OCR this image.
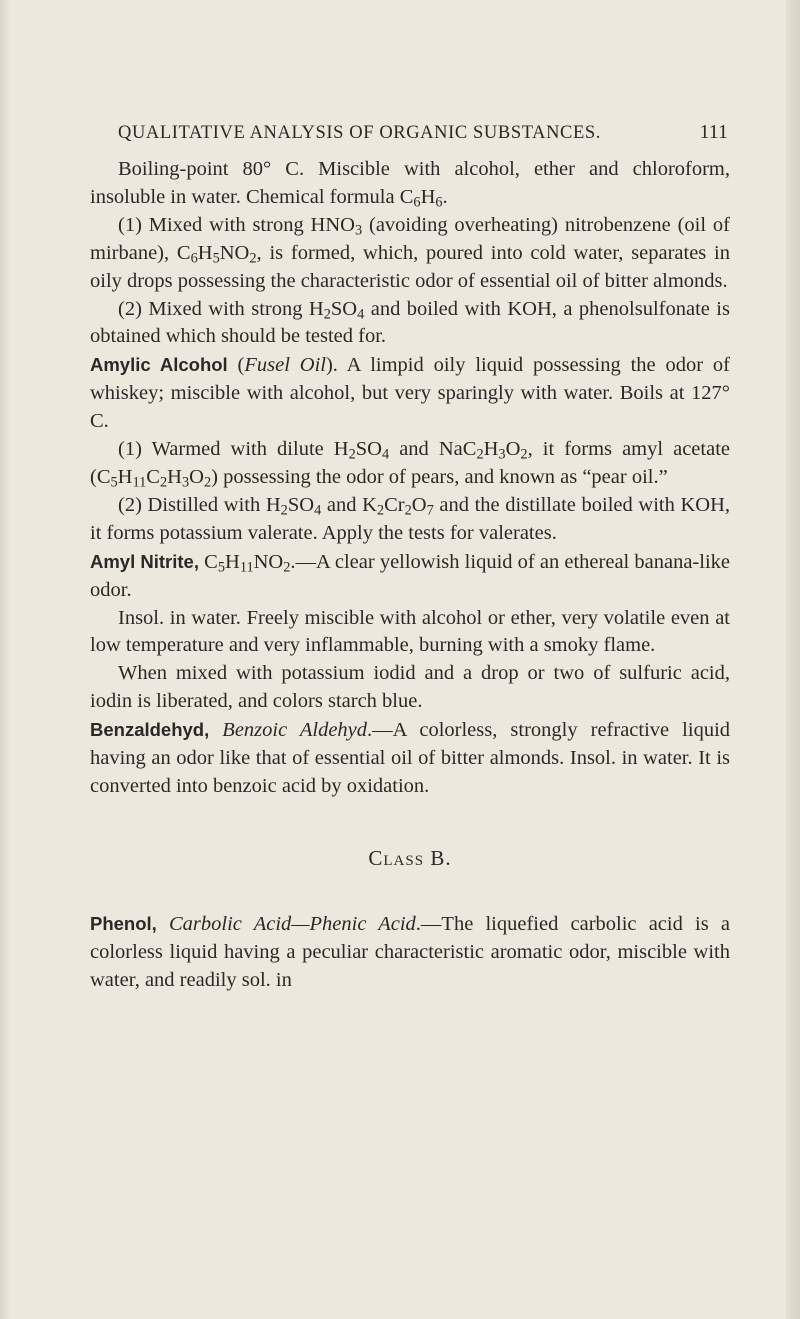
QUALITATIVE ANALYSIS OF ORGANIC SUBSTANCES.	111

Boiling-point 80° C. Miscible with alcohol, ether and chloroform, insoluble in water. Chemical formula $C_6H_6$.

(1) Mixed with strong $HNO_3$ (avoiding overheating) nitrobenzene (oil of mirbane), $C_6H_5NO_2$, is formed, which, poured into cold water, separates in oily drops possessing the characteristic odor of essential oil of bitter almonds.

(2) Mixed with strong $H_2SO_4$ and boiled with KOH, a phenolsulfonate is obtained which should be tested for.

Amylic Alcohol (Fusel Oil). A limpid oily liquid possessing the odor of whiskey; miscible with alcohol, but very sparingly with water. Boils at 127° C.

(1) Warmed with dilute $H_2SO_4$ and $NaC_2H_3O_2$, it forms amyl acetate $(C_5H_{11}C_2H_3O_2)$ possessing the odor of pears, and known as “pear oil.”

(2) Distilled with $H_2SO_4$ and $K_2Cr_2O_7$ and the distillate boiled with KOH, it forms potassium valerate. Apply the tests for valerates.

Amyl Nitrite, $C_5H_{11}NO_2.—A$ clear yellowish liquid of an ethereal banana-like odor.

Insol. in water. Freely miscible with alcohol or ether, very volatile even at low temperature and very inflammable, burning with a smoky flame.

When mixed with potassium iodid and a drop or two of sulfuric acid, iodin is liberated, and colors starch blue.

Benzaldehyd, Benzoic Aldehyd.—A colorless, strongly refractive liquid having an odor like that of essential oil of bitter almonds. Insol. in water. It is converted into benzoic acid by oxidation.

Class B.

Phenol, Carbolic Acid—Phenic Acid.—The liquefied carbolic acid is a colorless liquid having a peculiar characteristic aromatic odor, miscible with water, and readily sol. in
